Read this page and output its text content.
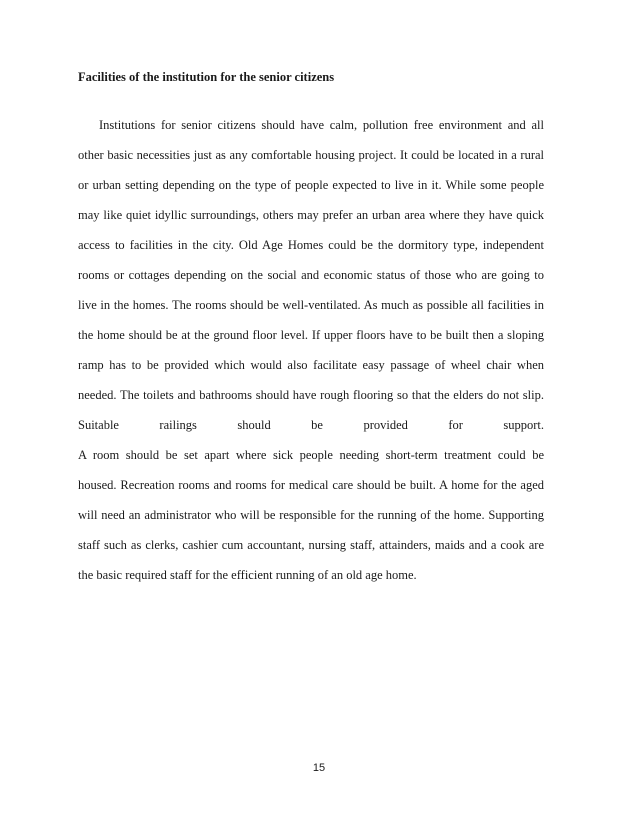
Facilities of the institution for the senior citizens
Institutions for senior citizens should have calm, pollution free environment and all
other basic necessities just as any comfortable housing project. It could be located in a rural
or urban setting depending on the type of people expected to live in it. While some people
may like quiet idyllic surroundings, others may prefer an urban area where they have quick
access to facilities in the city. Old Age Homes could be the dormitory type, independent
rooms or cottages depending on the social and economic status of those who are going to
live in the homes. The rooms should be well-ventilated. As much as possible all facilities in
the home should be at the ground floor level. If upper floors have to be built then a sloping
ramp has to be provided which would also facilitate easy passage of wheel chair when
needed. The toilets and bathrooms should have rough flooring so that the elders do not slip.
Suitable railings should be provided for support.
A room should be set apart where sick people needing short-term treatment could be
housed. Recreation rooms and rooms for medical care should be built. A home for the aged
will need an administrator who will be responsible for the running of the home. Supporting
staff such as clerks, cashier cum accountant, nursing staff, attainders, maids and a cook are
the basic required staff for the efficient running of an old age home.
15
